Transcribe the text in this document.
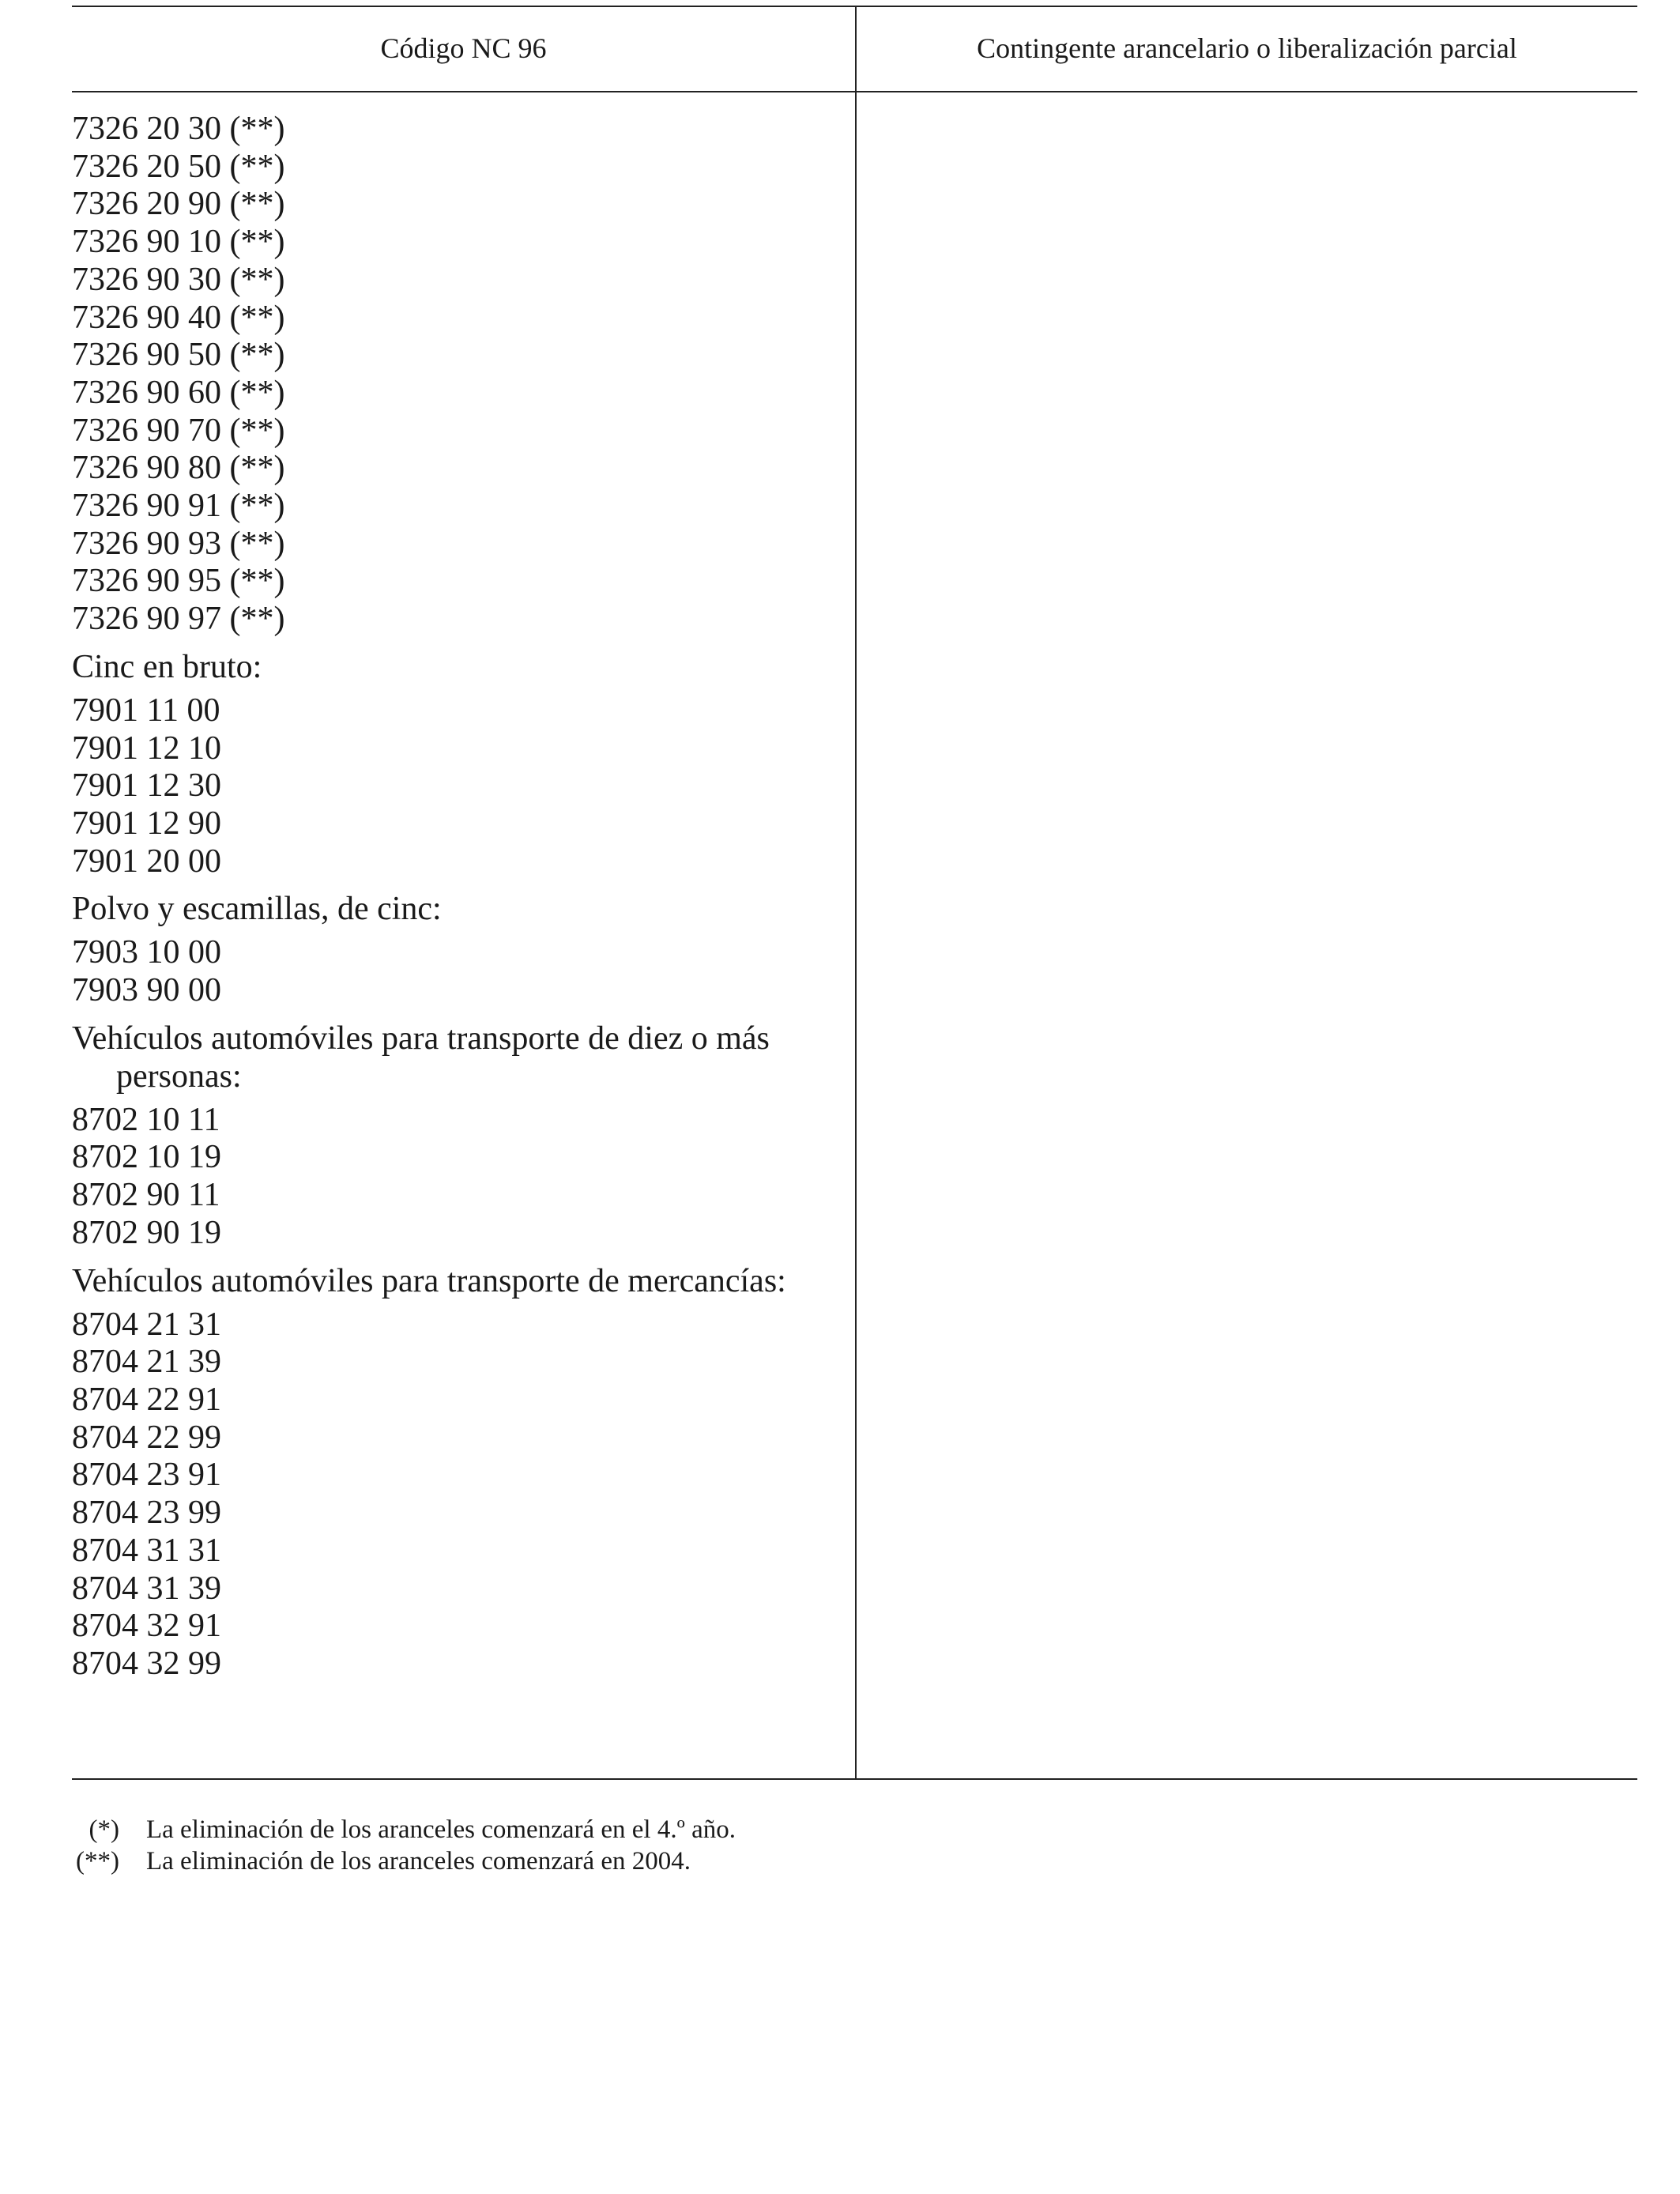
Código NC 96	Contingente arancelario o liberalización parcial
7326 20 30 (**)
7326 20 50 (**)
7326 20 90 (**)
7326 90 10 (**)
7326 90 30 (**)
7326 90 40 (**)
7326 90 50 (**)
7326 90 60 (**)
7326 90 70 (**)
7326 90 80 (**)
7326 90 91 (**)
7326 90 93 (**)
7326 90 95 (**)
7326 90 97 (**)
Cinc en bruto:
7901 11 00
7901 12 10
7901 12 30
7901 12 90
7901 20 00
Polvo y escamillas, de cinc:
7903 10 00
7903 90 00
Vehículos automóviles para transporte de diez o más personas:
8702 10 11
8702 10 19
8702 90 11
8702 90 19
Vehículos automóviles para transporte de mercancías:
8704 21 31
8704 21 39
8704 22 91
8704 22 99
8704 23 91
8704 23 99
8704 31 31
8704 31 39
8704 32 91
8704 32 99
(*) La eliminación de los aranceles comenzará en el 4.º año.
(**) La eliminación de los aranceles comenzará en 2004.
